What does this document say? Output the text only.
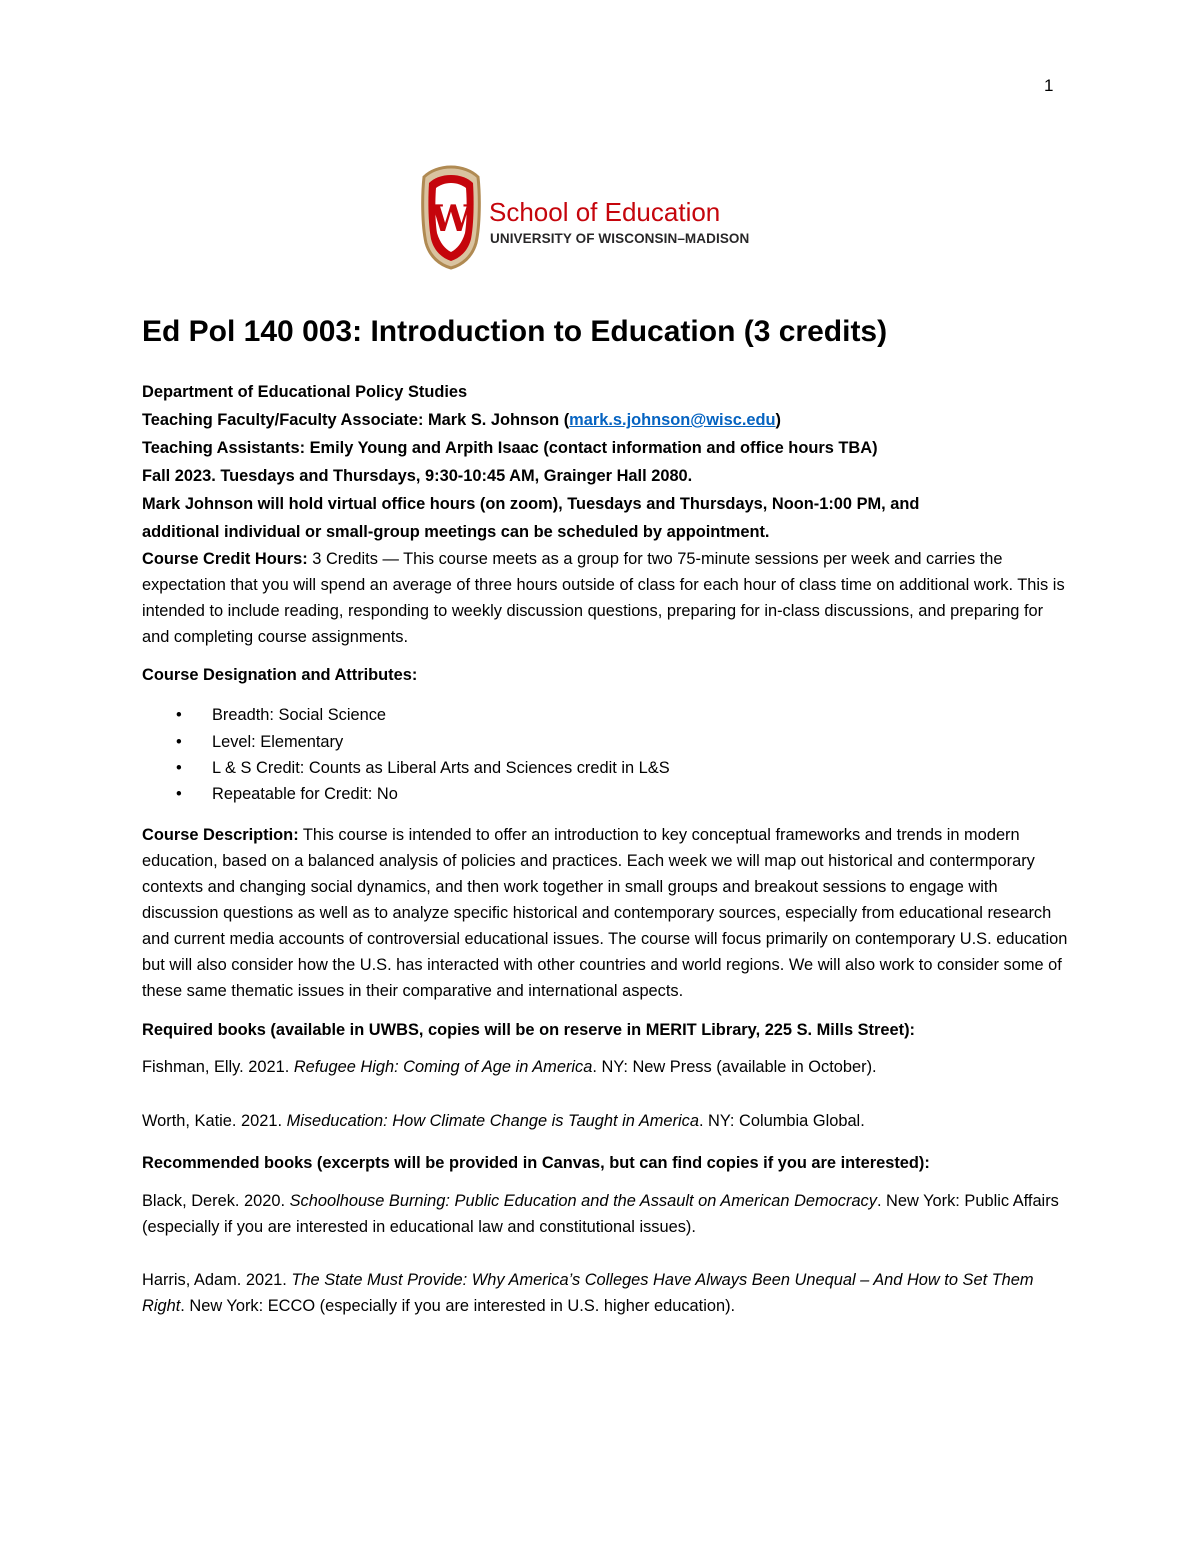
1
W School of Education
UNIVERSITY OF WISCONSIN–MADISON
Ed Pol 140 003: Introduction to Education (3 credits)
Department of Educational Policy Studies
Teaching Faculty/Faculty Associate: Mark S. Johnson (mark.s.johnson@wisc.edu)
Teaching Assistants: Emily Young and Arpith Isaac (contact information and office hours TBA)
Fall 2023. Tuesdays and Thursdays, 9:30-10:45 AM, Grainger Hall 2080.
Mark Johnson will hold virtual office hours (on zoom), Tuesdays and Thursdays, Noon-1:00 PM, and
additional individual or small-group meetings can be scheduled by appointment.

Course Credit Hours: 3 Credits — This course meets as a group for two 75-minute sessions per week and carries the expectation that you will spend an average of three hours outside of class for each hour of class time on additional work. This is intended to include reading, responding to weekly discussion questions, preparing for in-class discussions, and preparing for and completing course assignments.

Course Designation and Attributes:

• Breadth: Social Science
• Level: Elementary
• L & S Credit: Counts as Liberal Arts and Sciences credit in L&S
• Repeatable for Credit: No

Course Description: This course is intended to offer an introduction to key conceptual frameworks and trends in modern education, based on a balanced analysis of policies and practices. Each week we will map out historical and contermporary contexts and changing social dynamics, and then work together in small groups and breakout sessions to engage with discussion questions as well as to analyze specific historical and contemporary sources, especially from educational research and current media accounts of controversial educational issues. The course will focus primarily on contemporary U.S. education but will also consider how the U.S. has interacted with other countries and world regions. We will also work to consider some of these same thematic issues in their comparative and international aspects.

Required books (available in UWBS, copies will be on reserve in MERIT Library, 225 S. Mills Street):

Fishman, Elly. 2021. Refugee High: Coming of Age in America. NY: New Press (available in October).

Worth, Katie. 2021. Miseducation: How Climate Change is Taught in America. NY: Columbia Global.

Recommended books (excerpts will be provided in Canvas, but can find copies if you are interested):

Black, Derek. 2020. Schoolhouse Burning: Public Education and the Assault on American Democracy. New York: Public Affairs (especially if you are interested in educational law and constitutional issues).

Harris, Adam. 2021. The State Must Provide: Why America’s Colleges Have Always Been Unequal – And How to Set Them Right. New York: ECCO (especially if you are interested in U.S. higher education).
